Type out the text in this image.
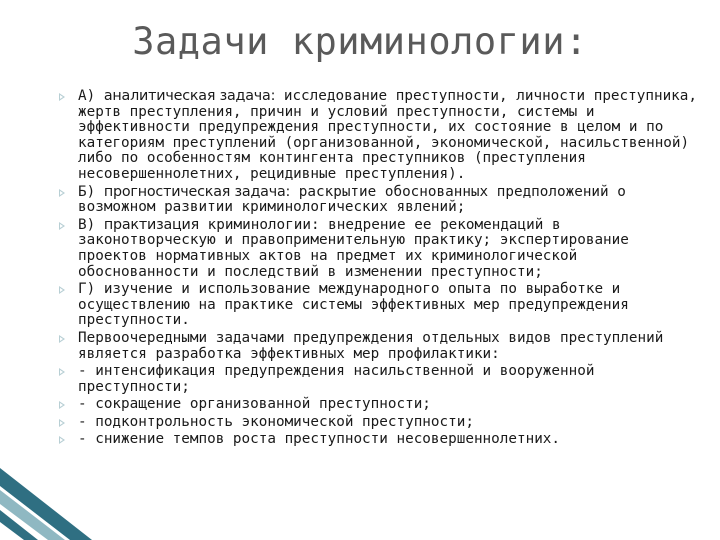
Задачи криминологии:
А) аналитическая задача: исследование преступности, личности преступника, жертв преступления, причин и условий преступности, системы и эффективности предупреждения преступности, их состояние в целом и по категориям преступлений (организованной, экономической, насильственной) либо по особенностям контингента преступников (преступления несовершеннолетних, рецидивные преступления).
Б) прогностическая задача: раскрытие обоснованных предположений о возможном развитии криминологических явлений;
В) практизация криминологии: внедрение ее рекомендаций в законотворческую и правоприменительную практику; экспертирование проектов нормативных актов на предмет их криминологической обоснованности и последствий в изменении преступности;
Г) изучение и использование международного опыта по выработке и осуществлению на практике системы эффективных мер предупреждения преступности.
Первоочередными задачами предупреждения отдельных видов преступлений является разработка эффективных мер профилактики:
- интенсификация предупреждения насильственной и вооруженной преступности;
- сокращение организованной преступности;
- подконтрольность экономической преступности;
- снижение темпов роста преступности несовершеннолетних.
